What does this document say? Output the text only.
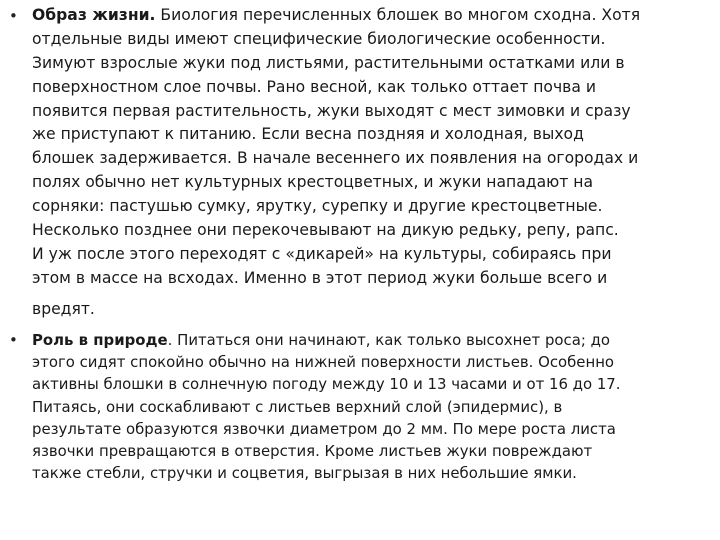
• Образ жизни. Биология перечисленных блошек во многом сходна. Хотя
отдельные виды имеют специфические биологические особенности.
Зимуют взрослые жуки под листьями, растительными остатками или в
поверхностном слое почвы. Рано весной, как только оттает почва и
появится первая растительность, жуки выходят с мест зимовки и сразу
же приступают к питанию. Если весна поздняя и холодная, выход
блошек задерживается. В начале весеннего их появления на огородах и
полях обычно нет культурных крестоцветных, и жуки нападают на
сорняки: пастушью сумку, ярутку, сурепку и другие крестоцветные.
Несколько позднее они перекочевывают на дикую редьку, репу, рапс.
И уж после этого переходят с «дикарей» на культуры, собираясь при
этом в массе на всходах. Именно в этот период жуки больше всего и
вредят.
• Роль в природе. Питаться они начинают, как только высохнет роса; до
этого сидят спокойно обычно на нижней поверхности листьев. Особенно
активны блошки в солнечную погоду между 10 и 13 часами и от 16 до 17.
Питаясь, они соскабливают с листьев верхний слой (эпидермис), в
результате образуются язвочки диаметром до 2 мм. По мере роста листа
язвочки превращаются в отверстия. Кроме листьев жуки повреждают
также стебли, стручки и соцветия, выгрызая в них небольшие ямки.
